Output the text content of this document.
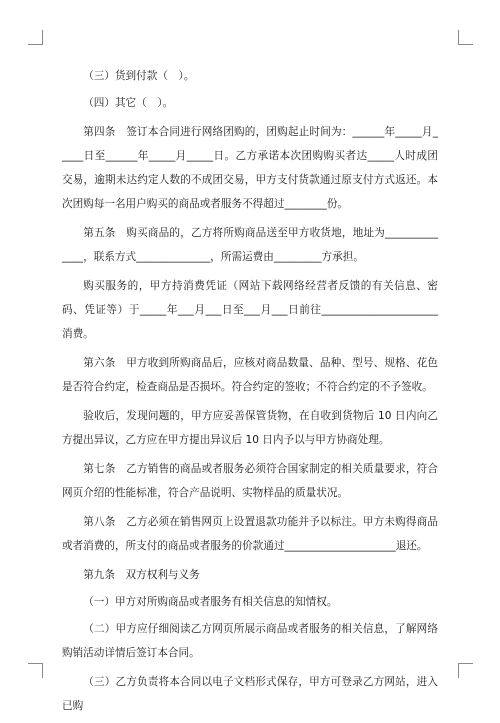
（三）货到付款（　）。

（四）其它（　）。

第四条　签订本合同进行网络团购的，团购起止时间为：______年_____月_____日至______年_____月_____日。乙方承诺本次团购购买者达_____人时成团交易，逾期未达约定人数的不成团交易，甲方支付货款通过原支付方式返还。本次团购每一名用户购买的商品或者服务不得超过________份。

第五条　购买商品的，乙方将所购商品送至甲方收货地，地址为______________，联系方式______________，所需运费由_________方承担。

购买服务的，甲方持消费凭证（网站下载网络经营者反馈的有关信息、密码、凭证等）于_____年___月___日至___月___日前往______________________消费。

第六条　甲方收到所购商品后，应核对商品数量、品种、型号、规格、花色是否符合约定，检查商品是否损坏。符合约定的签收；不符合约定的不予签收。

验收后，发现问题的，甲方应妥善保管货物，在自收到货物后 10 日内向乙方提出异议，乙方应在甲方提出异议后 10 日内予以与甲方协商处理。

第七条　乙方销售的商品或者服务必须符合国家制定的相关质量要求，符合网页介绍的性能标准，符合产品说明、实物样品的质量状况。

第八条　乙方必须在销售网页上设置退款功能并予以标注。甲方未购得商品或者消费的，所支付的商品或者服务的价款通过_____________________退还。

第九条　双方权利与义务

（一）甲方对所购商品或者服务有相关信息的知情权。

（二）甲方应仔细阅读乙方网页所展示商品或者服务的相关信息，了解网络购销活动详情后签订本合同。

（三）乙方负责将本合同以电子文档形式保存，甲方可登录乙方网站，进入已购
